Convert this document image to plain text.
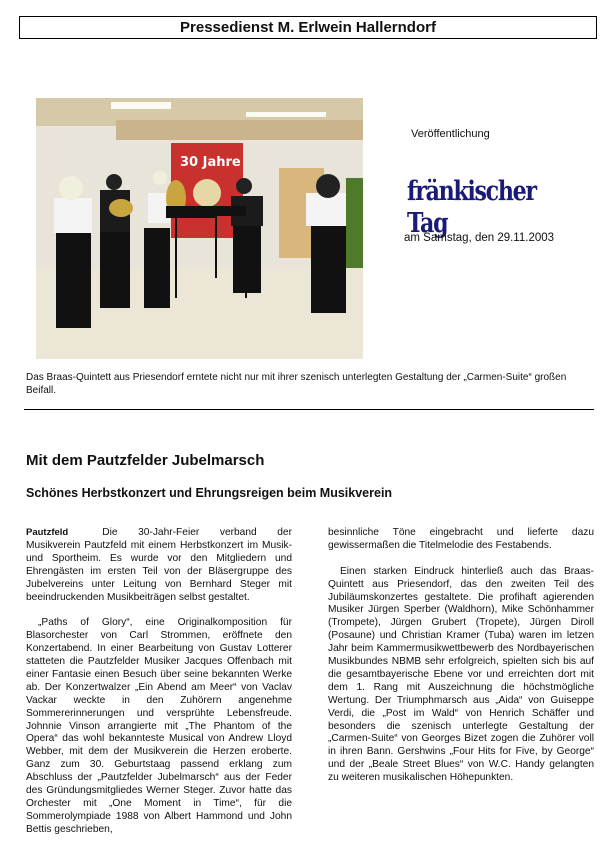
Pressedienst M. Erlwein Hallerndorf
30 Jahre
Veröffentlichung
fränkischer Tag
am Samstag, den 29.11.2003
Das Braas-Quintett aus Priesendorf erntete nicht nur mit ihrer szenisch unterlegten Gestaltung der „Carmen-Suite“ großen Beifall.
Mit dem Pautzfelder Jubelmarsch
Schönes Herbstkonzert und Ehrungsreigen beim Musikverein

Pautzfeld	Die 30-Jahr-Feier verband der Musikverein Pautzfeld mit einem Herbstkonzert im Musik- und Sportheim. Es wurde vor den Mitgliedern und Ehrengästen im ersten Teil von der Bläsergruppe des Jubelvereins unter Leitung von Bernhard Steger mit beeindruckenden Musikbeiträgen selbst gestaltet.

„Paths of Glory“, eine Originalkomposition für Blasorchester von Carl Strommen, eröffnete den Konzertabend. In einer Bearbeitung von Gustav Lotterer statteten die Pautzfelder Musiker Jacques Offenbach mit einer Fantasie einen Besuch über seine bekannten Werke ab. Der Konzertwalzer „Ein Abend am Meer“ von Vaclav Vackar weckte in den Zuhörern angenehme Sommererinnerungen und versprühte Lebensfreude. Johnnie Vinson arrangierte mit „The Phantom of the Opera“ das wohl bekannteste Musical von Andrew Lloyd Webber, mit dem der Musikverein die Herzen eroberte. Ganz zum 30. Geburtstaag passend erklang zum Abschluss der „Pautzfelder Jubelmarsch“ aus der Feder des Gründungsmitgliedes Werner Steger. Zuvor hatte das Orchester mit „One Moment in Time“, für die Sommerolympiade 1988 von Albert Hammond und John Bettis geschrieben,

besinnliche Töne eingebracht und lieferte dazu gewissermaßen die Titelmelodie des Festabends.

Einen starken Eindruck hinterließ auch das Braas-Quintett aus Priesendorf, das den zweiten Teil des Jubiläumskonzertes gestaltete. Die profihaft agierenden Musiker Jürgen Sperber (Waldhorn), Mike Schönhammer (Trompete), Jürgen Grubert (Tropete), Jürgen Diroll (Posaune) und Christian Kramer (Tuba) waren im letzen Jahr beim Kammermusikwettbewerb des Nordbayerischen Musikbundes NBMB sehr erfolgreich, spielten sich bis auf die gesamtbayerische Ebene vor und erreichten dort mit dem 1. Rang mit Auszeichnung die höchstmögliche Wertung. Der Triumphmarsch aus „Aida“ von Guiseppe Verdi, die „Post im Wald“ von Henrich Schäffer und besonders die szenisch unterlegte Gestaltung der „Carmen-Suite“ von Georges Bizet zogen die Zuhörer voll in ihren Bann. Gershwins „Four Hits for Five, by George“ und der „Beale Street Blues“ von W.C. Handy gelangten zu weiteren musikalischen Höhepunkten.
